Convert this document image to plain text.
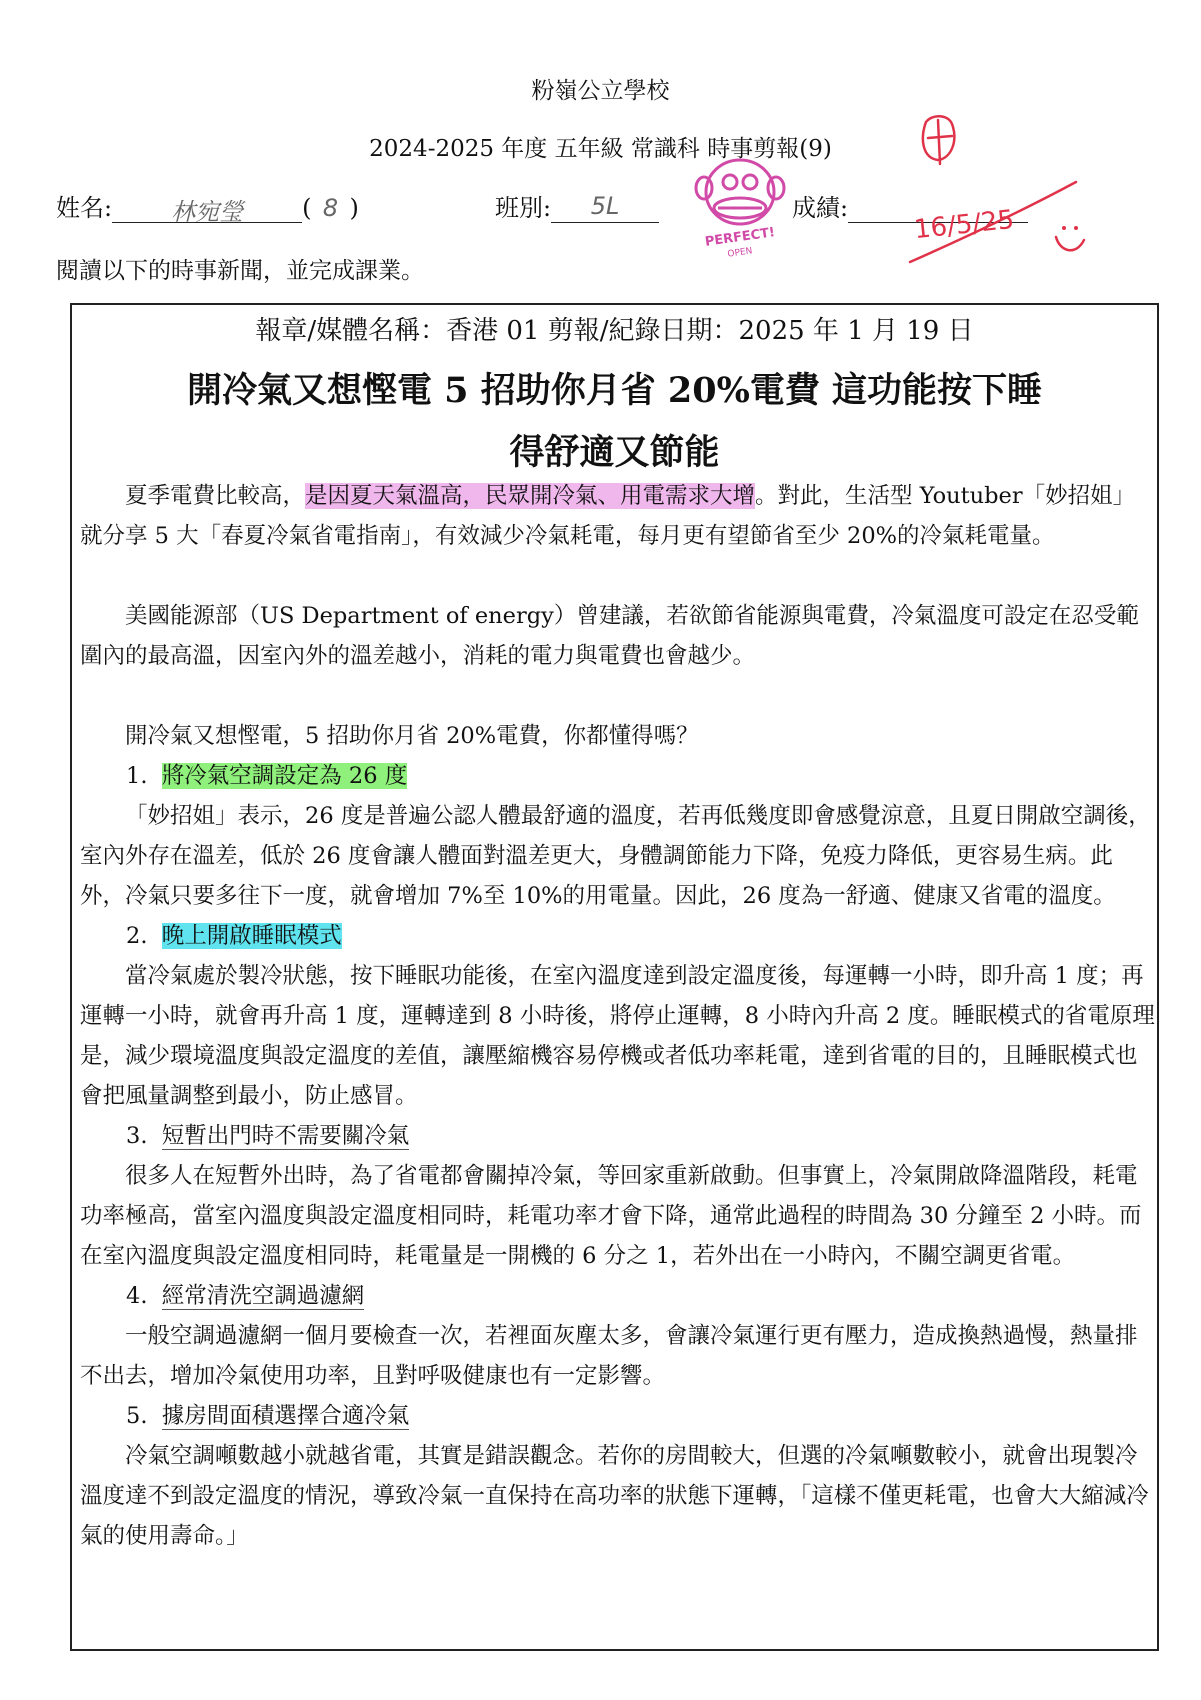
粉嶺公立學校
2024-2025 年度 五年級 常識科 時事剪報(9)
姓名: 林宛瑩 ( 8 )	班別: 5L	成績:	16/5/25
PERFECT!
OPEN
閱讀以下的時事新聞，並完成課業。
報章/媒體名稱：香港 01 剪報/紀錄日期：2025 年 1 月 19 日
開冷氣又想慳電 5 招助你月省 20%電費 這功能按下睡
得舒適又節能

夏季電費比較高，是因夏天氣溫高，民眾開冷氣、用電需求大增。對此，生活型 Youtuber「妙招姐」就分享 5 大「春夏冷氣省電指南」，有效減少冷氣耗電，每月更有望節省至少 20%的冷氣耗電量。

美國能源部（US Department of energy）曾建議，若欲節省能源與電費，冷氣溫度可設定在忍受範圍內的最高溫，因室內外的溫差越小，消耗的電力與電費也會越少。

開冷氣又想慳電，5 招助你月省 20%電費，你都懂得嗎？

1. 將冷氣空調設定為 26 度

「妙招姐」表示，26 度是普遍公認人體最舒適的溫度，若再低幾度即會感覺涼意，且夏日開啟空調後，室內外存在溫差，低於 26 度會讓人體面對溫差更大，身體調節能力下降，免疫力降低，更容易生病。此外，冷氣只要多往下一度，就會增加 7%至 10%的用電量。因此，26 度為一舒適、健康又省電的溫度。

2. 晚上開啟睡眠模式

當冷氣處於製冷狀態，按下睡眠功能後，在室內溫度達到設定溫度後，每運轉一小時，即升高 1 度；再運轉一小時，就會再升高 1 度，運轉達到 8 小時後，將停止運轉，8 小時內升高 2 度。睡眠模式的省電原理是，減少環境溫度與設定溫度的差值，讓壓縮機容易停機或者低功率耗電，達到省電的目的，且睡眠模式也會把風量調整到最小，防止感冒。

3. 短暫出門時不需要關冷氣

很多人在短暫外出時，為了省電都會關掉冷氣，等回家重新啟動。但事實上，冷氣開啟降溫階段，耗電功率極高，當室內溫度與設定溫度相同時，耗電功率才會下降，通常此過程的時間為 30 分鐘至 2 小時。而在室內溫度與設定溫度相同時，耗電量是一開機的 6 分之 1，若外出在一小時內，不關空調更省電。

4. 經常清洗空調過濾網

一般空調過濾網一個月要檢查一次，若裡面灰塵太多，會讓冷氣運行更有壓力，造成換熱過慢，熱量排不出去，增加冷氣使用功率，且對呼吸健康也有一定影響。

5. 據房間面積選擇合適冷氣

冷氣空調噸數越小就越省電，其實是錯誤觀念。若你的房間較大，但選的冷氣噸數較小，就會出現製冷溫度達不到設定溫度的情況，導致冷氣一直保持在高功率的狀態下運轉，「這樣不僅更耗電，也會大大縮減冷氣的使用壽命。」
